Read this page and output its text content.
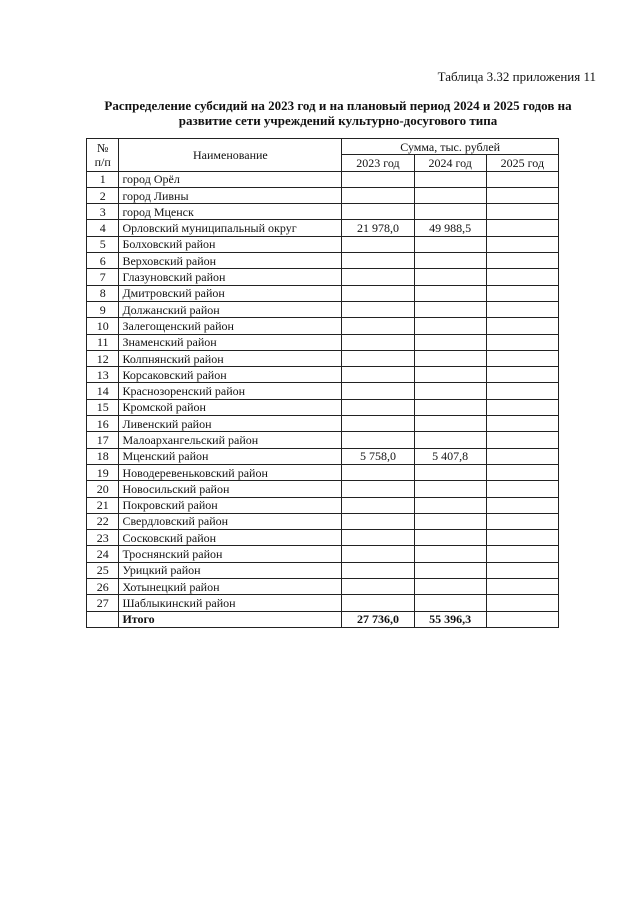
Таблица 3.32 приложения 11
Распределение субсидий на 2023 год и на плановый период 2024 и 2025 годов на
развитие сети учреждений культурно-досугового типа
№
п/п	Наименование	Сумма, тыс. рублей		
		2023 год	2024 год	2025 год
1	город Орёл			
2	город Ливны			
3	город Мценск			
4	Орловский муниципальный округ	21 978,0	49 988,5	
5	Болховский район			
6	Верховский район			
7	Глазуновский район			
8	Дмитровский район			
9	Должанский район			
10	Залегощенский район			
11	Знаменский район			
12	Колпнянский район			
13	Корсаковский район			
14	Краснозоренский район			
15	Кромской район			
16	Ливенский район			
17	Малоархангельский район			
18	Мценский район	5 758,0	5 407,8	
19	Новодеревеньковский район			
20	Новосильский район			
21	Покровский район			
22	Свердловский район			
23	Сосковский район			
24	Троснянский район			
25	Урицкий район			
26	Хотынецкий район			
27	Шаблыкинский район			
	Итого	27 736,0	55 396,3	
